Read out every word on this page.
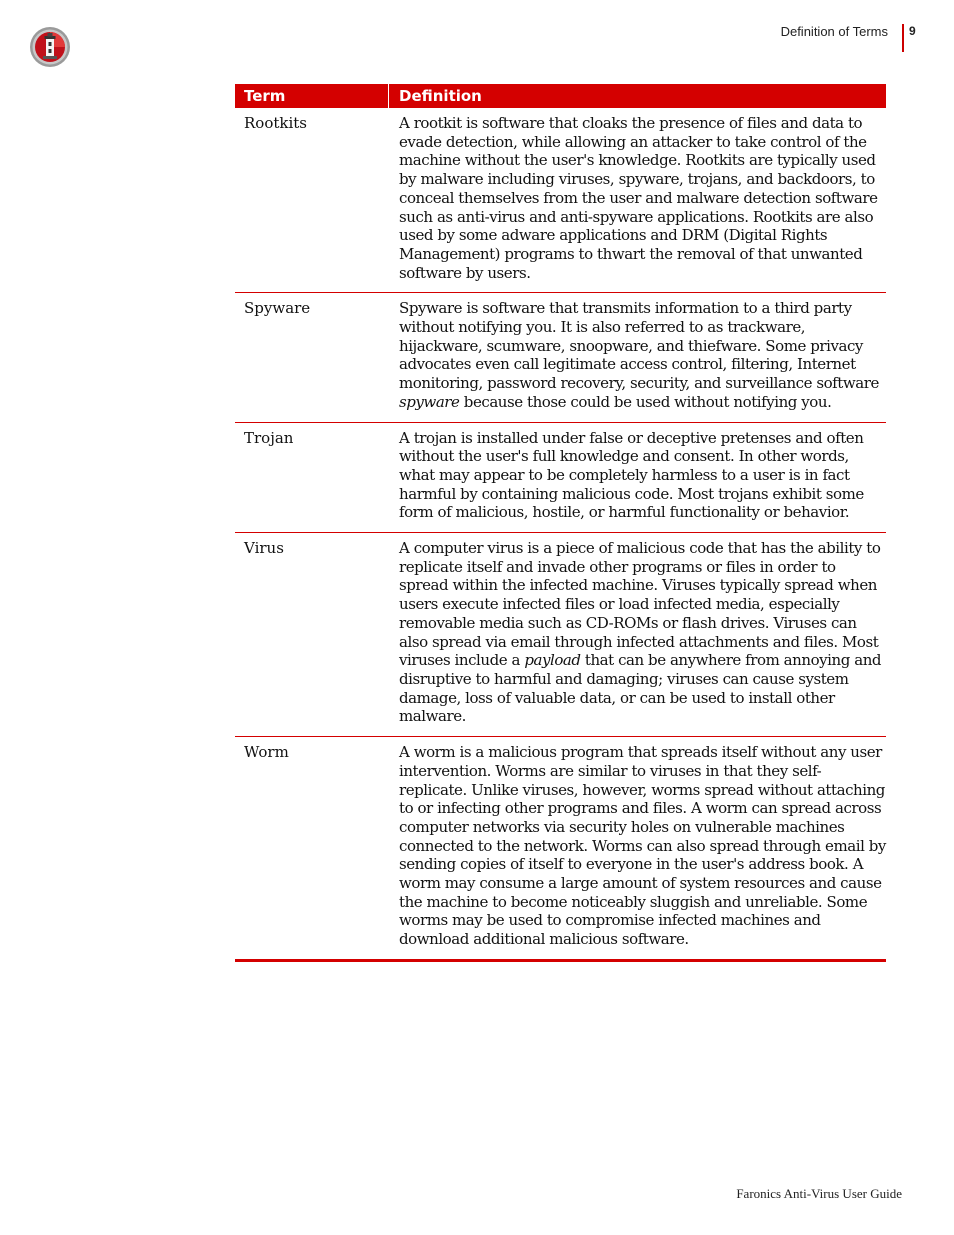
Definition of Terms 9
Term	Definition
Rootkits	A rootkit is software that cloaks the presence of files and data to evade detection, while allowing an attacker to take control of the machine without the user's knowledge. Rootkits are typically used by malware including viruses, spyware, trojans, and backdoors, to conceal themselves from the user and malware detection software such as anti-virus and anti-spyware applications. Rootkits are also used by some adware applications and DRM (Digital Rights Management) programs to thwart the removal of that unwanted software by users.
Spyware	Spyware is software that transmits information to a third party without notifying you. It is also referred to as trackware, hijackware, scumware, snoopware, and thiefware. Some privacy advocates even call legitimate access control, filtering, Internet monitoring, password recovery, security, and surveillance software spyware because those could be used without notifying you.
Trojan	A trojan is installed under false or deceptive pretenses and often without the user's full knowledge and consent. In other words, what may appear to be completely harmless to a user is in fact harmful by containing malicious code. Most trojans exhibit some form of malicious, hostile, or harmful functionality or behavior.
Virus	A computer virus is a piece of malicious code that has the ability to replicate itself and invade other programs or files in order to spread within the infected machine. Viruses typically spread when users execute infected files or load infected media, especially removable media such as CD-ROMs or flash drives. Viruses can also spread via email through infected attachments and files. Most viruses include a payload that can be anywhere from annoying and disruptive to harmful and damaging; viruses can cause system damage, loss of valuable data, or can be used to install other malware.
Worm	A worm is a malicious program that spreads itself without any user intervention. Worms are similar to viruses in that they self-replicate. Unlike viruses, however, worms spread without attaching to or infecting other programs and files. A worm can spread across computer networks via security holes on vulnerable machines connected to the network. Worms can also spread through email by sending copies of itself to everyone in the user's address book. A worm may consume a large amount of system resources and cause the machine to become noticeably sluggish and unreliable. Some worms may be used to compromise infected machines and download additional malicious software.
Faronics Anti-Virus User Guide
